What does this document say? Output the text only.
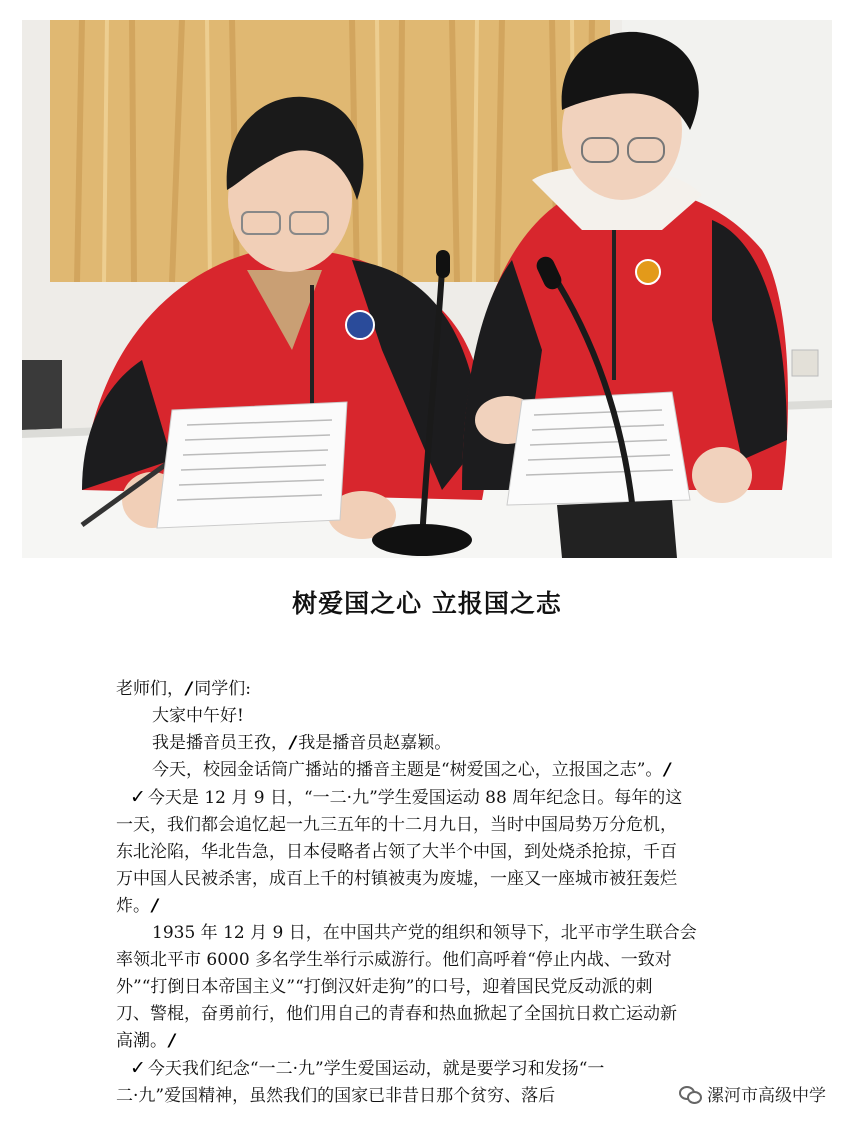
树爱国之心 立报国之志

老师们， / 同学们:

大家中午好!

我是播音员王孜， / 我是播音员赵嘉颖。

今天，校园金话筒广播站的播音主题是“树爱国之心，立报国之志”。 /

✓ 今天是 12 月 9 日，“一二·九”学生爱国运动 88 周年纪念日。每年的这

一天，我们都会追忆起一九三五年的十二月九日，当时中国局势万分危机，

东北沦陷，华北告急，日本侵略者占领了大半个中国，到处烧杀抢掠，千百

万中国人民被杀害，成百上千的村镇被夷为废墟，一座又一座城市被狂轰烂

炸。 /

1935 年 12 月 9 日，在中国共产党的组织和领导下，北平市学生联合会

率领北平市 6000 多名学生举行示威游行。他们高呼着“停止内战、一致对

外”“打倒日本帝国主义”“打倒汉奸走狗”的口号，迎着国民党反动派的刺

刀、警棍，奋勇前行，他们用自己的青春和热血掀起了全国抗日救亡运动新

高潮。 /

✓ 今天我们纪念“一二·九”学生爱国运动，就是要学习和发扬“一

二·九”爱国精神，虽然我们的国家已非昔日那个贫穷、落后	漯河市高级中学
